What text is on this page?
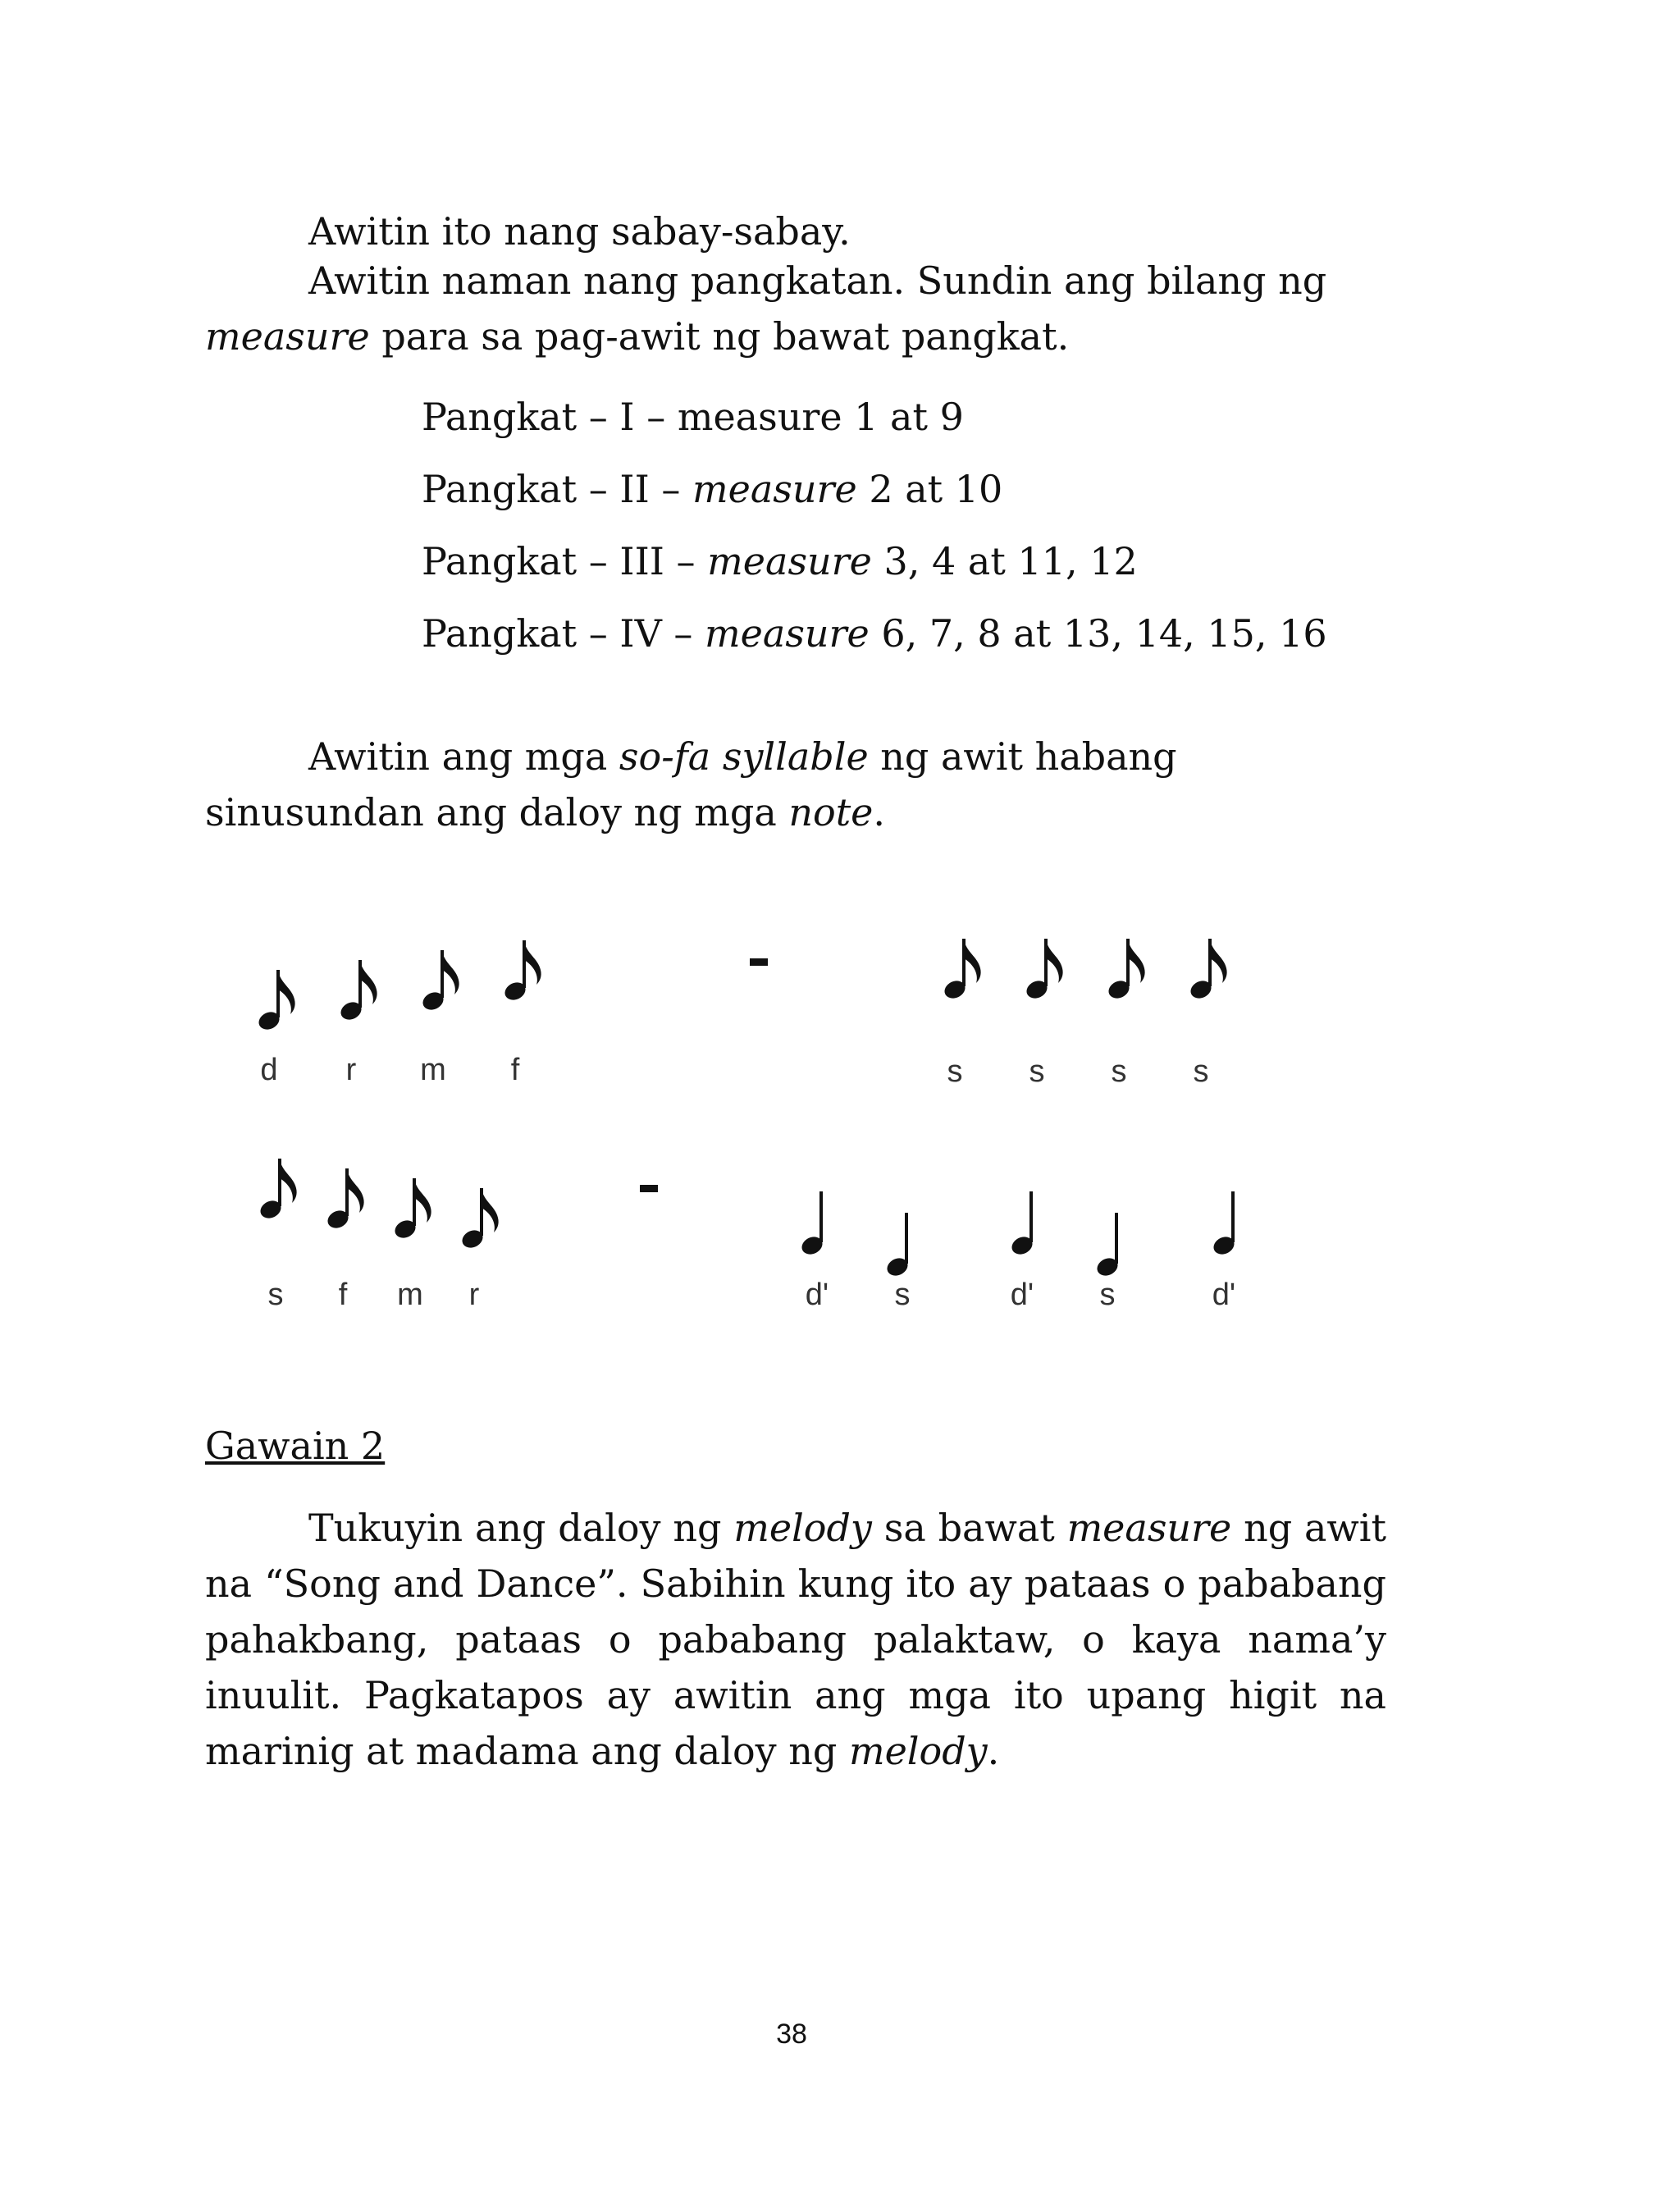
Awitin ito nang sabay-sabay.

Awitin naman nang pangkatan. Sundin ang bilang ng measure para sa pag-awit ng bawat pangkat.

Pangkat – I – measure 1 at 9
Pangkat – II – measure 2 at 10
Pangkat – III – measure 3, 4 at 11, 12
Pangkat – IV – measure 6, 7, 8 at 13, 14, 15, 16

Awitin ang mga so-fa syllable ng awit habang sinusundan ang daloy ng mga note.

d r m f	s s s s
s f m r	d' s	d' s	d'
Gawain 2

Tukuyin ang daloy ng melody sa bawat measure ng awit na “Song and Dance”. Sabihin kung ito ay pataas o pababang pahakbang, pataas o pababang palaktaw, o kaya nama’y inuulit. Pagkatapos ay awitin ang mga ito upang higit na marinig at madama ang daloy ng melody.

38
